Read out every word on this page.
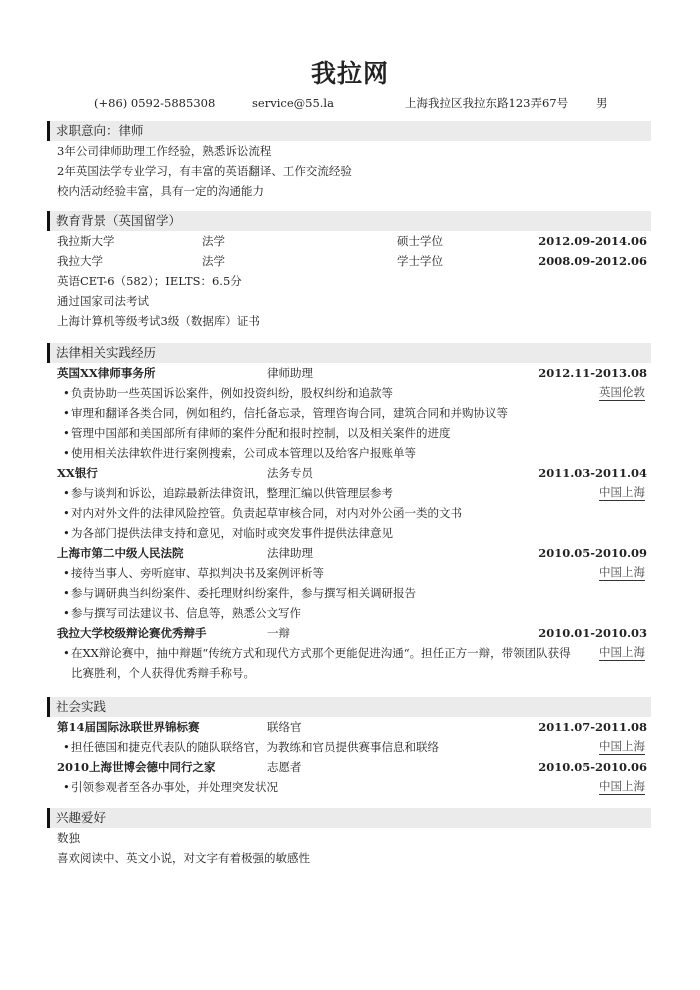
我拉网
(+86) 0592-5885308	service@55.la	上海我拉区我拉东路123弄67号 男
求职意向：律师
3年公司律师助理工作经验，熟悉诉讼流程
2年英国法学专业学习，有丰富的英语翻译、工作交流经验
校内活动经验丰富，具有一定的沟通能力
教育背景（英国留学）
我拉斯大学	法学	硕士学位	2012.09-2014.06
我拉大学	法学	学士学位	2008.09-2012.06
英语CET-6（582）；IELTS：6.5分
通过国家司法考试
上海计算机等级考试3级（数据库）证书
法律相关实践经历
英国XX律师事务所	律师助理	2012.11-2013.08
• 负责协助一些英国诉讼案件，例如投资纠纷，股权纠纷和追款等	英国伦敦
• 审理和翻译各类合同，例如租约，信托备忘录，管理咨询合同，建筑合同和并购协议等
• 管理中国部和美国部所有律师的案件分配和报时控制，以及相关案件的进度
• 使用相关法律软件进行案例搜索，公司成本管理以及给客户报账单等
XX银行	法务专员	2011.03-2011.04
• 参与谈判和诉讼，追踪最新法律资讯，整理汇编以供管理层参考	中国上海
• 对内对外文件的法律风险控管。负责起草审核合同，对内对外公函一类的文书
• 为各部门提供法律支持和意见，对临时或突发事件提供法律意见
上海市第二中级人民法院	法律助理	2010.05-2010.09
• 接待当事人、旁听庭审、草拟判决书及案例评析等	中国上海
• 参与调研典当纠纷案件、委托理财纠纷案件，参与撰写相关调研报告
• 参与撰写司法建议书、信息等，熟悉公文写作
我拉大学校级辩论赛优秀辩手	一辩	2010.01-2010.03
• 在XX辩论赛中，抽中辩题“传统方式和现代方式那个更能促进沟通“。担任正方一辩，带领团队获得比赛胜利，个人获得优秀辩手称号。
中国上海
社会实践
第14届国际泳联世界锦标赛	联络官	2011.07-2011.08
• 担任德国和捷克代表队的随队联络官，为教练和官员提供赛事信息和联络	中国上海
2010上海世博会德中同行之家	志愿者	2010.05-2010.06
• 引领参观者至各办事处，并处理突发状况	中国上海
兴趣爱好
数独
喜欢阅读中、英文小说，对文字有着极强的敏感性
